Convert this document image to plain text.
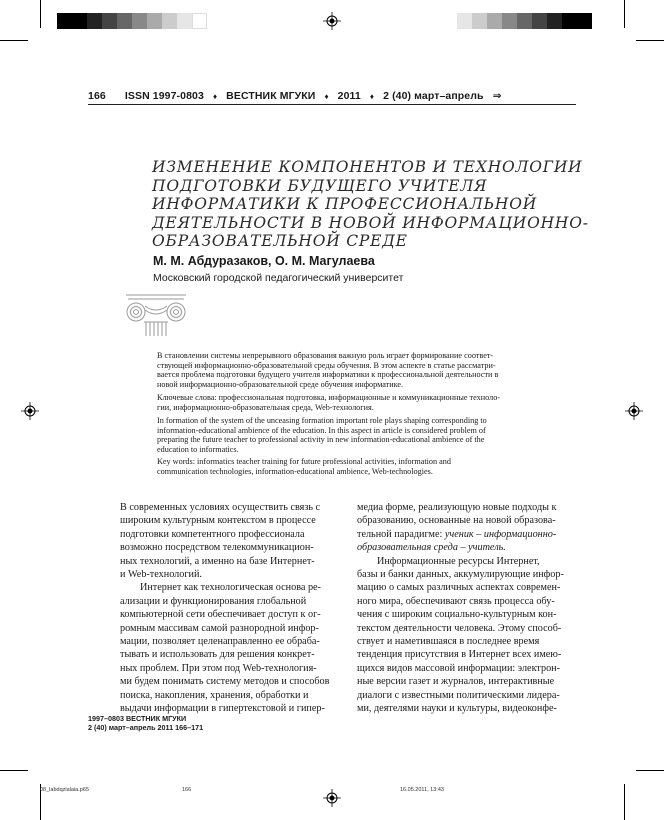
166 ISSN 1997-0803 ♦ ВЕСТНИК МГУКИ ♦ 2011 ♦ 2 (40) март–апрель ⇒
ИЗМЕНЕНИЕ КОМПОНЕНТОВ И ТЕХНОЛОГИИ
ПОДГОТОВКИ БУДУЩЕГО УЧИТЕЛЯ
ИНФОРМАТИКИ К ПРОФЕССИОНАЛЬНОЙ
ДЕЯТЕЛЬНОСТИ В НОВОЙ ИНФОРМАЦИОННО-
ОБРАЗОВАТЕЛЬНОЙ СРЕДЕ
М. М. Абдуразаков, О. М. Магулаева
Московский городской педагогический университет
В становлении системы непрерывного образования важную роль играет формирование соответ-
ствующей информационно-образовательной среды обучения. В этом аспекте в статье рассматри-
вается проблема подготовки будущего учителя информатики к профессиональной деятельности в
новой информационно-образовательной среде обучения информатике.
Ключевые слова: профессиональная подготовка, информационные и коммуникационные техноло-
гии, информационно-образовательная среда, Web-технология.
In formation of the system of the unceasing formation important role plays shaping corresponding to
information-educational ambience of the education. In this aspect in article is considered problem of
preparing the future teacher to professional activity in new information-educational ambience of the
education to informatics.
Key words: informatics teacher training for future professional activities, information and
communication technologies, information-educational ambience, Web-technologies.
В современных условиях осуществить связь с
широким культурным контекстом в процессе
подготовки компетентного профессионала
возможно посредством телекоммуникацион-
ных технологий, а именно на базе Интернет-
и Web-технологий.
Интернет как технологическая основа ре-
ализации и функционирования глобальной
компьютерной сети обеспечивает доступ к ог-
ромным массивам самой разнородной инфор-
мации, позволяет целенаправленно ее обраба-
тывать и использовать для решения конкрет-
ных проблем. При этом под Web-технология-
ми будем понимать систему методов и способов
поиска, накопления, хранения, обработки и
выдачи информации в гипертекстовой и гипер-
медиа форме, реализующую новые подходы к
образованию, основанные на новой образова-
тельной парадигме: ученик – информационно-
образовательная среда – учитель.
Информационные ресурсы Интернет,
базы и банки данных, аккумулирующие инфор-
мацию о самых различных аспектах современ-
ного мира, обеспечивают связь процесса обу-
чения с широким социально-культурным кон-
текстом деятельности человека. Этому способ-
ствует и наметившаяся в последнее время
тенденция присутствия в Интернет всех имею-
щихся видов массовой информации: электрон-
ные версии газет и журналов, интерактивные
диалоги с известными политическими лидера-
ми, деятелями науки и культуры, видеоконфе-
1997–0803 ВЕСТНИК МГУКИ
2 (40) март–апрель 2011 166–171
08_labdqzlalaia.p65	166	16.05.2011, 13:43
